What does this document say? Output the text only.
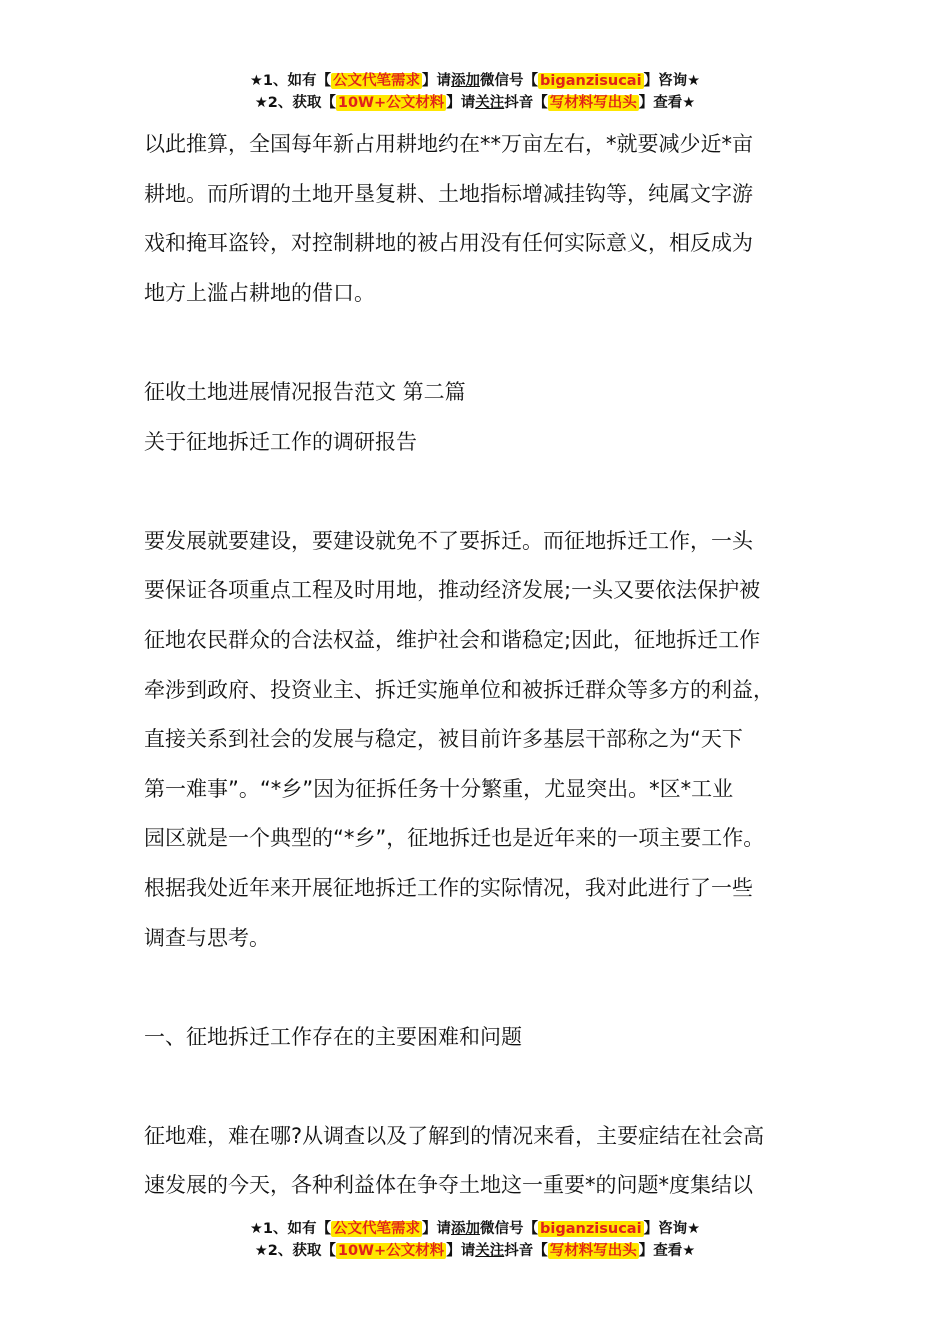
★1、如有【 公文代笔需求 】请添加微信号【 biganzisucai 】咨询★
★2、获取【 10W+公文材料 】请关注抖音【 写材料写出头 】查看★

以此推算，全国每年新占用耕地约在**万亩左右，*就要减少近*亩

耕地。而所谓的土地开垦复耕、土地指标增减挂钩等，纯属文字游

戏和掩耳盗铃，对控制耕地的被占用没有任何实际意义，相反成为

地方上滥占耕地的借口。

征收土地进展情况报告范文 第二篇

关于征地拆迁工作的调研报告

要发展就要建设，要建设就免不了要拆迁。而征地拆迁工作，一头

要保证各项重点工程及时用地，推动经济发展;一头又要依法保护被

征地农民群众的合法权益，维护社会和谐稳定;因此，征地拆迁工作

牵涉到政府、投资业主、拆迁实施单位和被拆迁群众等多方的利益，

直接关系到社会的发展与稳定，被目前许多基层干部称之为“天下

第一难事”。“*乡”因为征拆任务十分繁重，尤显突出。*区*工业

园区就是一个典型的“*乡”，征地拆迁也是近年来的一项主要工作。

根据我处近年来开展征地拆迁工作的实际情况，我对此进行了一些

调查与思考。

一、征地拆迁工作存在的主要困难和问题

征地难，难在哪?从调查以及了解到的情况来看，主要症结在社会高

速发展的今天，各种利益体在争夺土地这一重要*的问题*度集结以

★1、如有【 公文代笔需求 】请添加微信号【 biganzisucai 】咨询★
★2、获取【 10W+公文材料 】请关注抖音【 写材料写出头 】查看★
